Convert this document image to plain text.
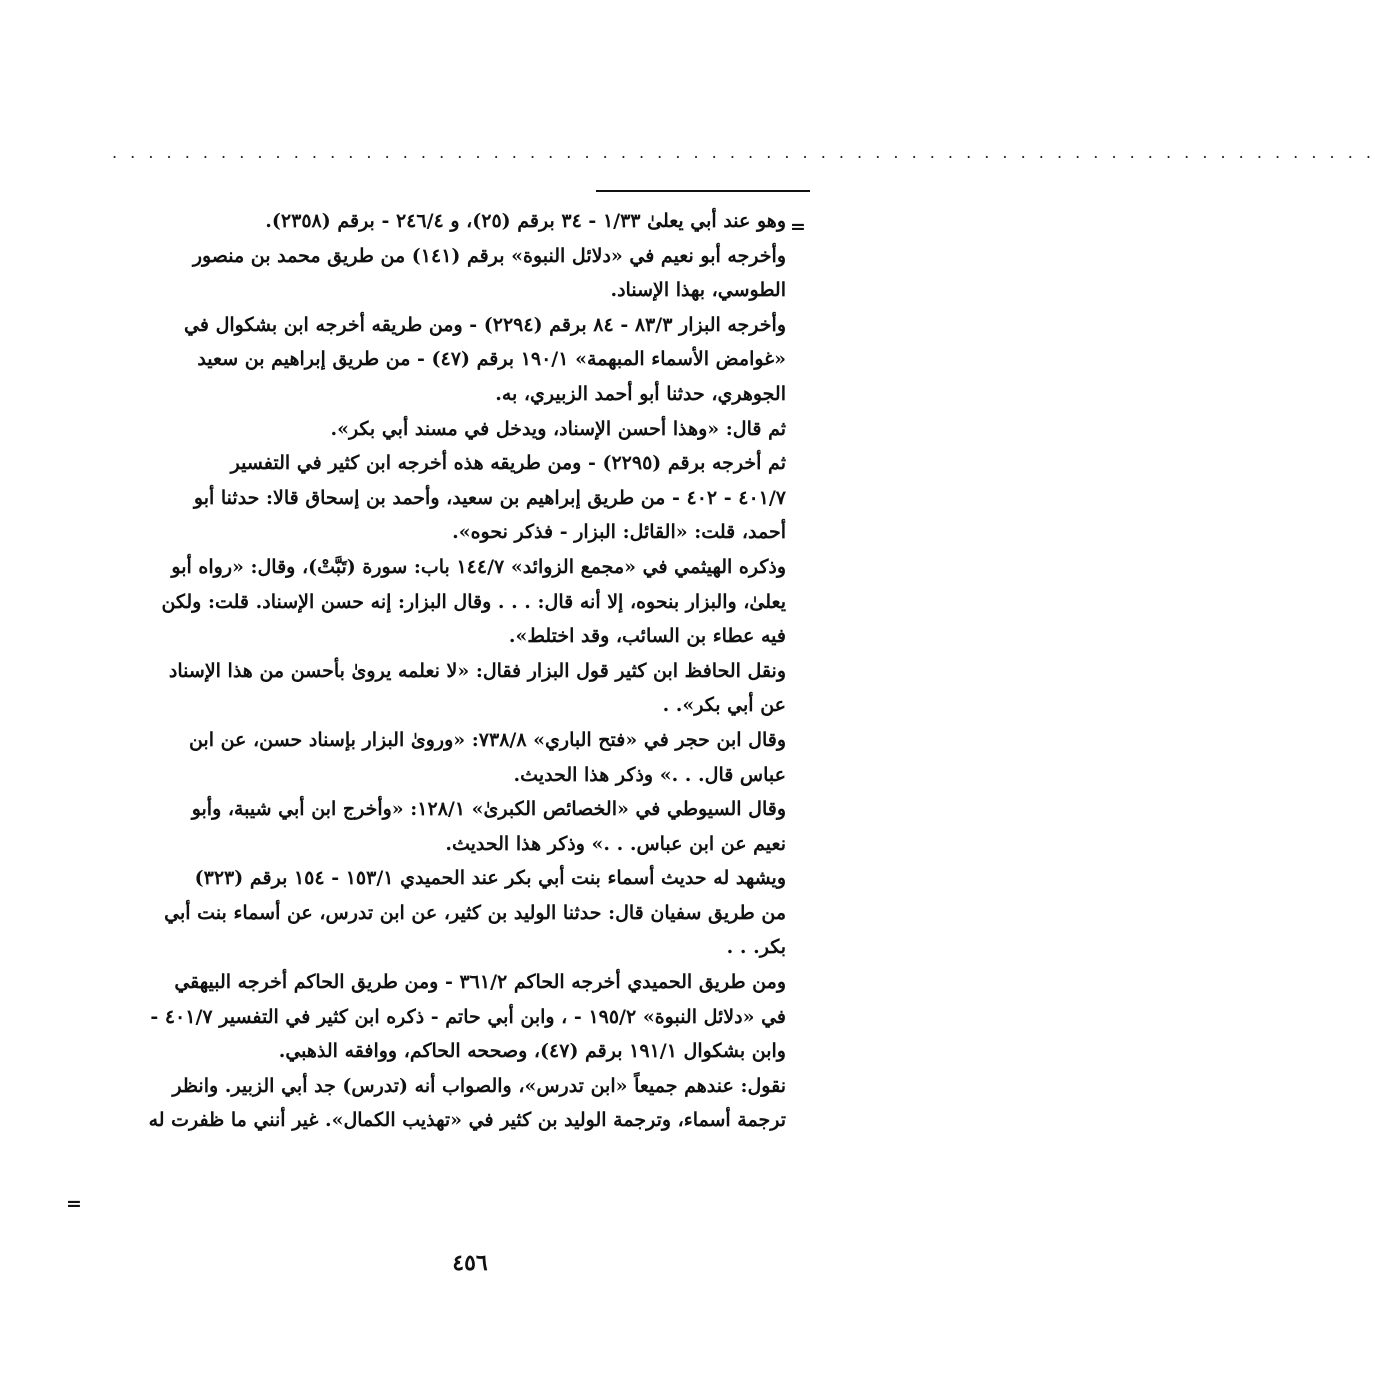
. . . . . . . . . . . . . . . . . . . . . . . . . . . . . . . . . . . . . . . . . . . . . . . . . . . . . . . . . . . . . . . . . . . . . .
=
وهو عند أبي يعلىٰ ١/٣٣ - ٣٤ برقم (٢٥)، و ٢٤٦/٤ - برقم (٢٣٥٨).
وأخرجه أبو نعيم في «دلائل النبوة» برقم (١٤١) من طريق محمد بن منصور
الطوسي، بهذا الإسناد.
وأخرجه البزار ٨٣/٣ - ٨٤ برقم (٢٢٩٤) - ومن طريقه أخرجه ابن بشكوال في
«غوامض الأسماء المبهمة» ١٩٠/١ برقم (٤٧) - من طريق إبراهيم بن سعيد
الجوهري، حدثنا أبو أحمد الزبيري، به.
ثم قال: «وهذا أحسن الإسناد، ويدخل في مسند أبي بكر».
ثم أخرجه برقم (٢٢٩٥) - ومن طريقه هذه أخرجه ابن كثير في التفسير
٤٠١/٧ - ٤٠٢ - من طريق إبراهيم بن سعيد، وأحمد بن إسحاق قالا: حدثنا أبو
أحمد، قلت: «القائل: البزار - فذكر نحوه».
وذكره الهيثمي في «مجمع الزوائد» ١٤٤/٧ باب: سورة (تَبَّتْ)، وقال: «رواه أبو
يعلىٰ، والبزار بنحوه، إلا أنه قال: . . . وقال البزار: إنه حسن الإسناد. قلت: ولكن
فيه عطاء بن السائب، وقد اختلط».
ونقل الحافظ ابن كثير قول البزار فقال: «لا نعلمه يروىٰ بأحسن من هذا الإسناد
عن أبي بكر». .
وقال ابن حجر في «فتح الباري» ٧٣٨/٨: «وروىٰ البزار بإسناد حسن، عن ابن
عباس قال. . .» وذكر هذا الحديث.
وقال السيوطي في «الخصائص الكبرىٰ» ١٢٨/١: «وأخرج ابن أبي شيبة، وأبو
نعيم عن ابن عباس. . .» وذكر هذا الحديث.
ويشهد له حديث أسماء بنت أبي بكر عند الحميدي ١٥٣/١ - ١٥٤ برقم (٣٢٣)
من طريق سفيان قال: حدثنا الوليد بن كثير، عن ابن تدرس، عن أسماء بنت أبي
بكر. . .
ومن طريق الحميدي أخرجه الحاكم ٣٦١/٢ - ومن طريق الحاكم أخرجه البيهقي
في «دلائل النبوة» ١٩٥/٢ - ، وابن أبي حاتم - ذكره ابن كثير في التفسير ٤٠١/٧ -
وابن بشكوال ١٩١/١ برقم (٤٧)، وصححه الحاكم، ووافقه الذهبي.
نقول: عندهم جميعاً «ابن تدرس»، والصواب أنه (تدرس) جد أبي الزبير. وانظر
ترجمة أسماء، وترجمة الوليد بن كثير في «تهذيب الكمال». غير أنني ما ظفرت له
=
٤٥٦
